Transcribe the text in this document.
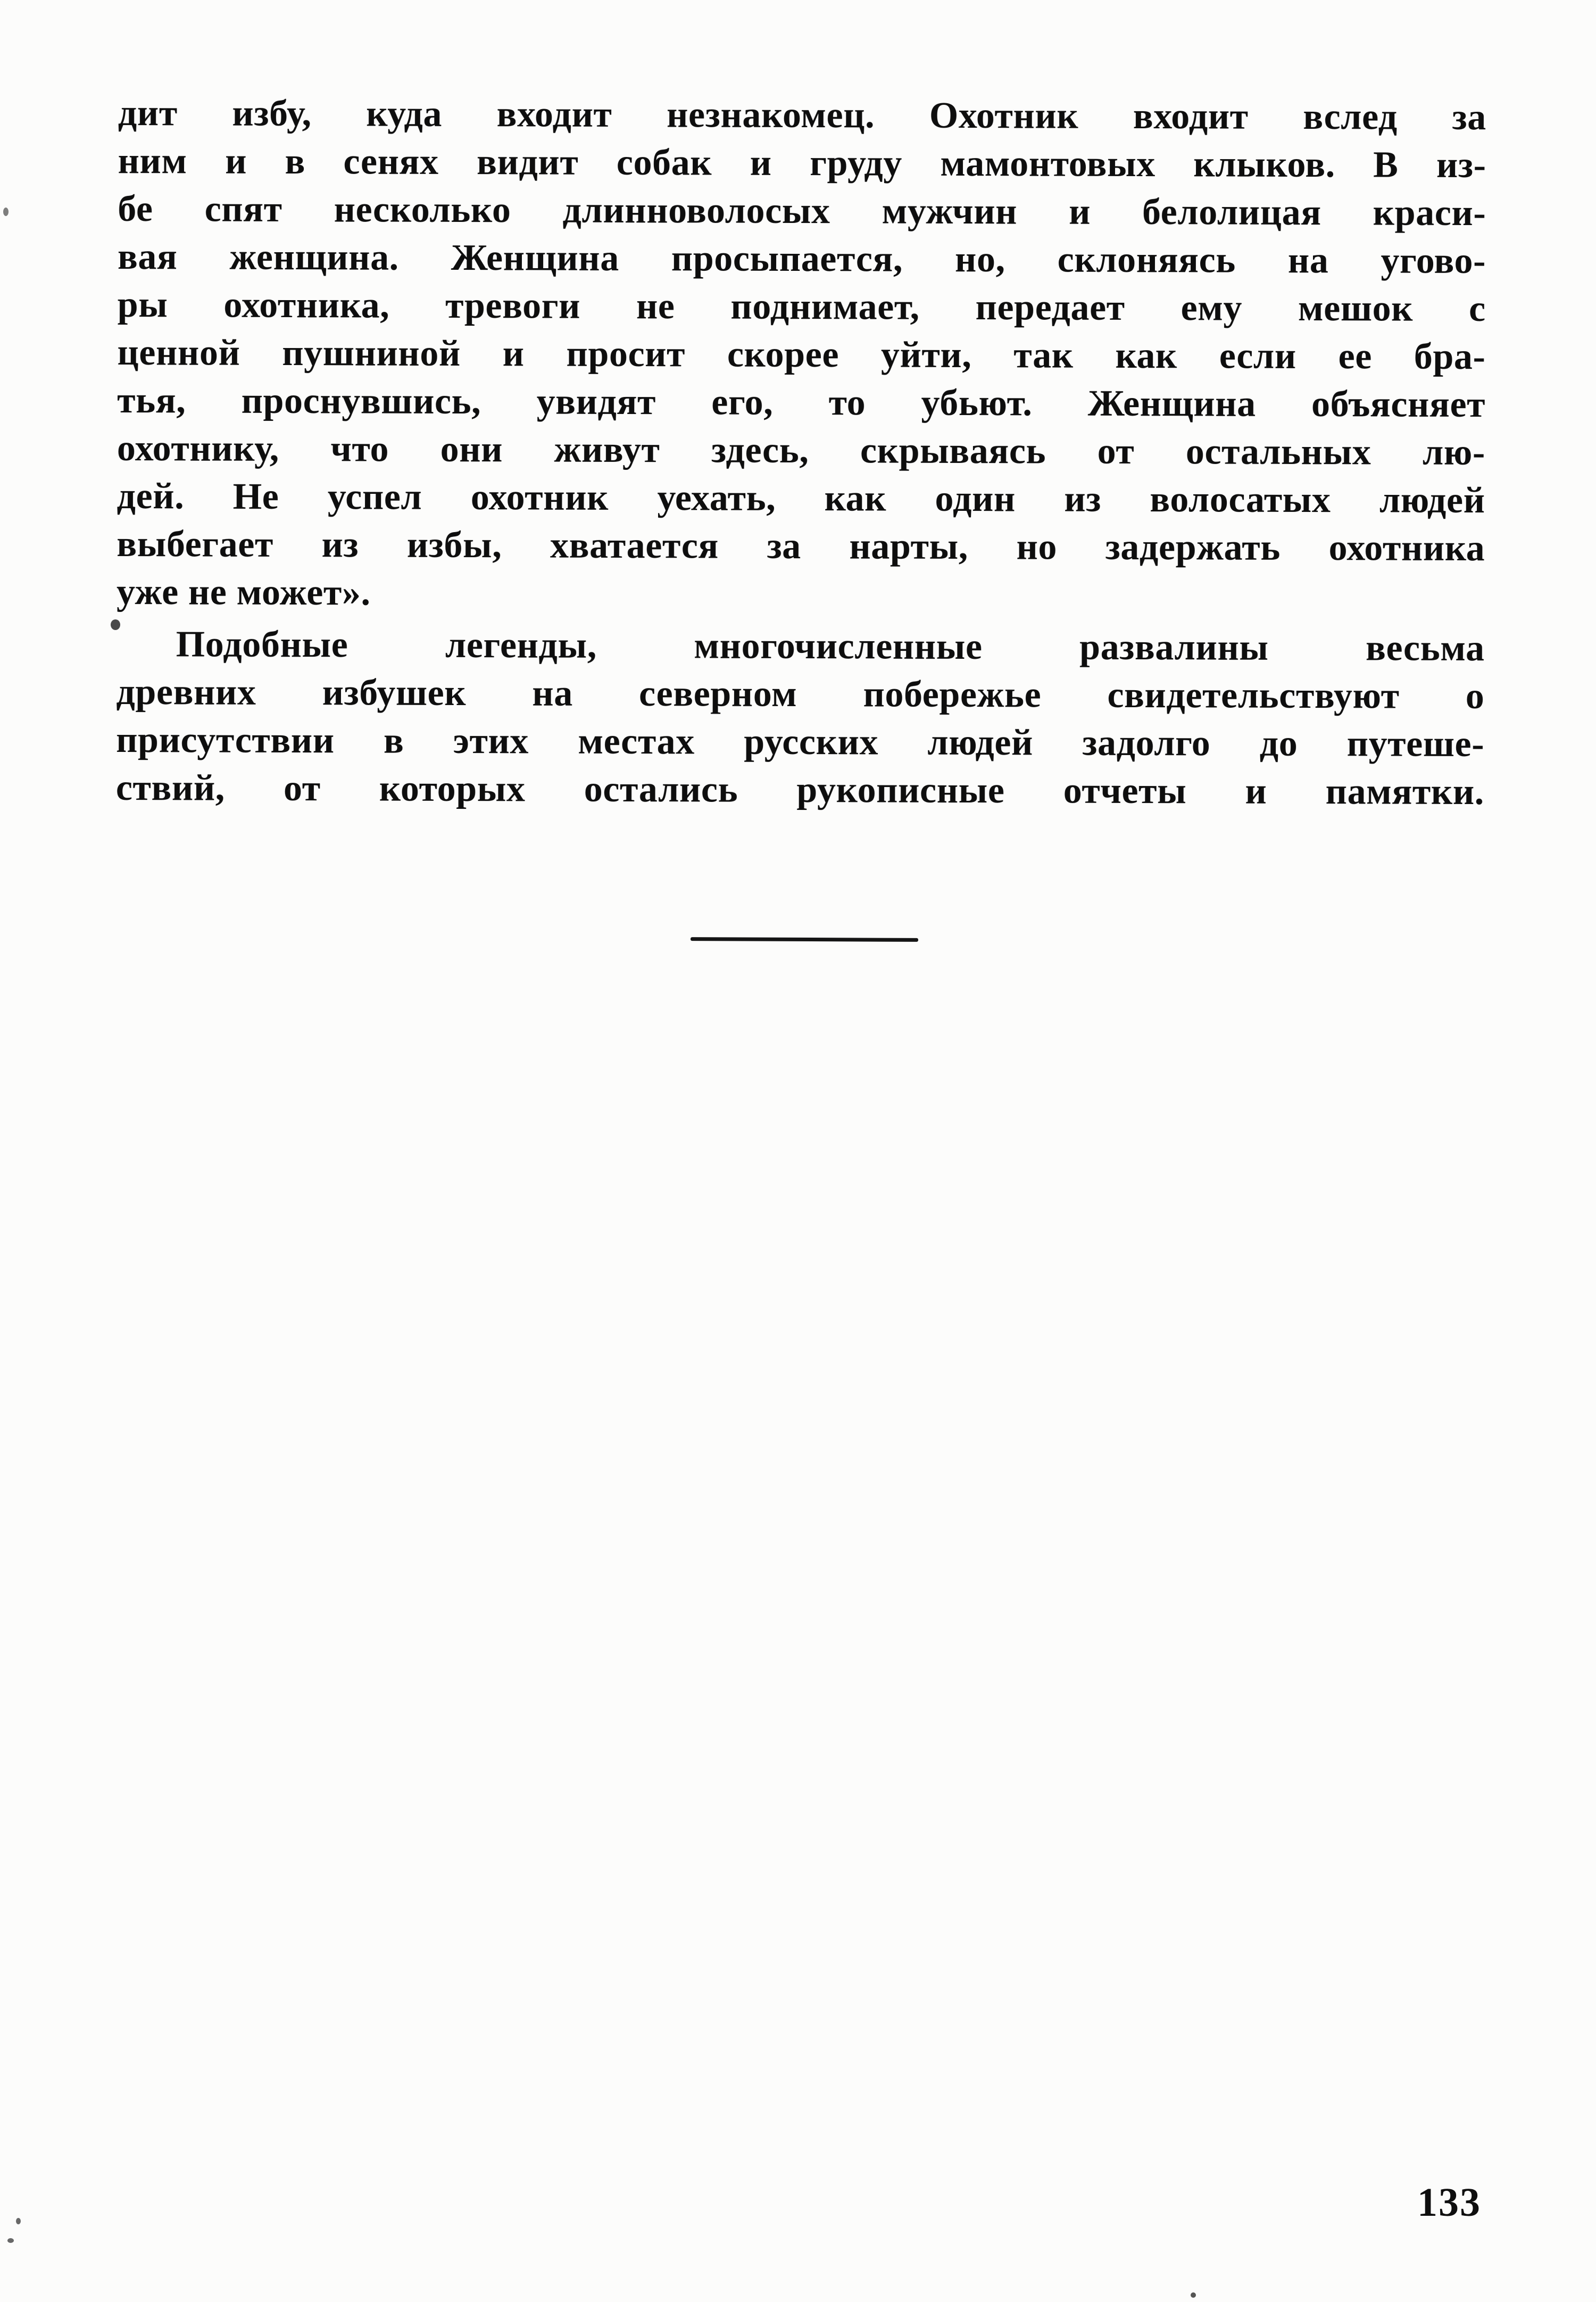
дит избу, куда входит незнакомец. Охотник входит вслед за
ним и в сенях видит собак и груду мамонтовых клыков. В из-
бе спят несколько длинноволосых мужчин и белолицая краси-
вая женщина. Женщина просыпается, но, склоняясь на угово-
ры охотника, тревоги не поднимает, передает ему мешок с
ценной пушниной и просит скорее уйти, так как если ее бра-
тья, проснувшись, увидят его, то убьют. Женщина объясняет
охотнику, что они живут здесь, скрываясь от остальных лю-
дей. Не успел охотник уехать, как один из волосатых людей
выбегает из избы, хватается за нарты, но задержать охотника
уже не может».
Подобные легенды, многочисленные развалины весьма
древних избушек на северном побережье свидетельствуют о
присутствии в этих местах русских людей задолго до путеше-
ствий, от которых остались рукописные отчеты и памятки.
133
